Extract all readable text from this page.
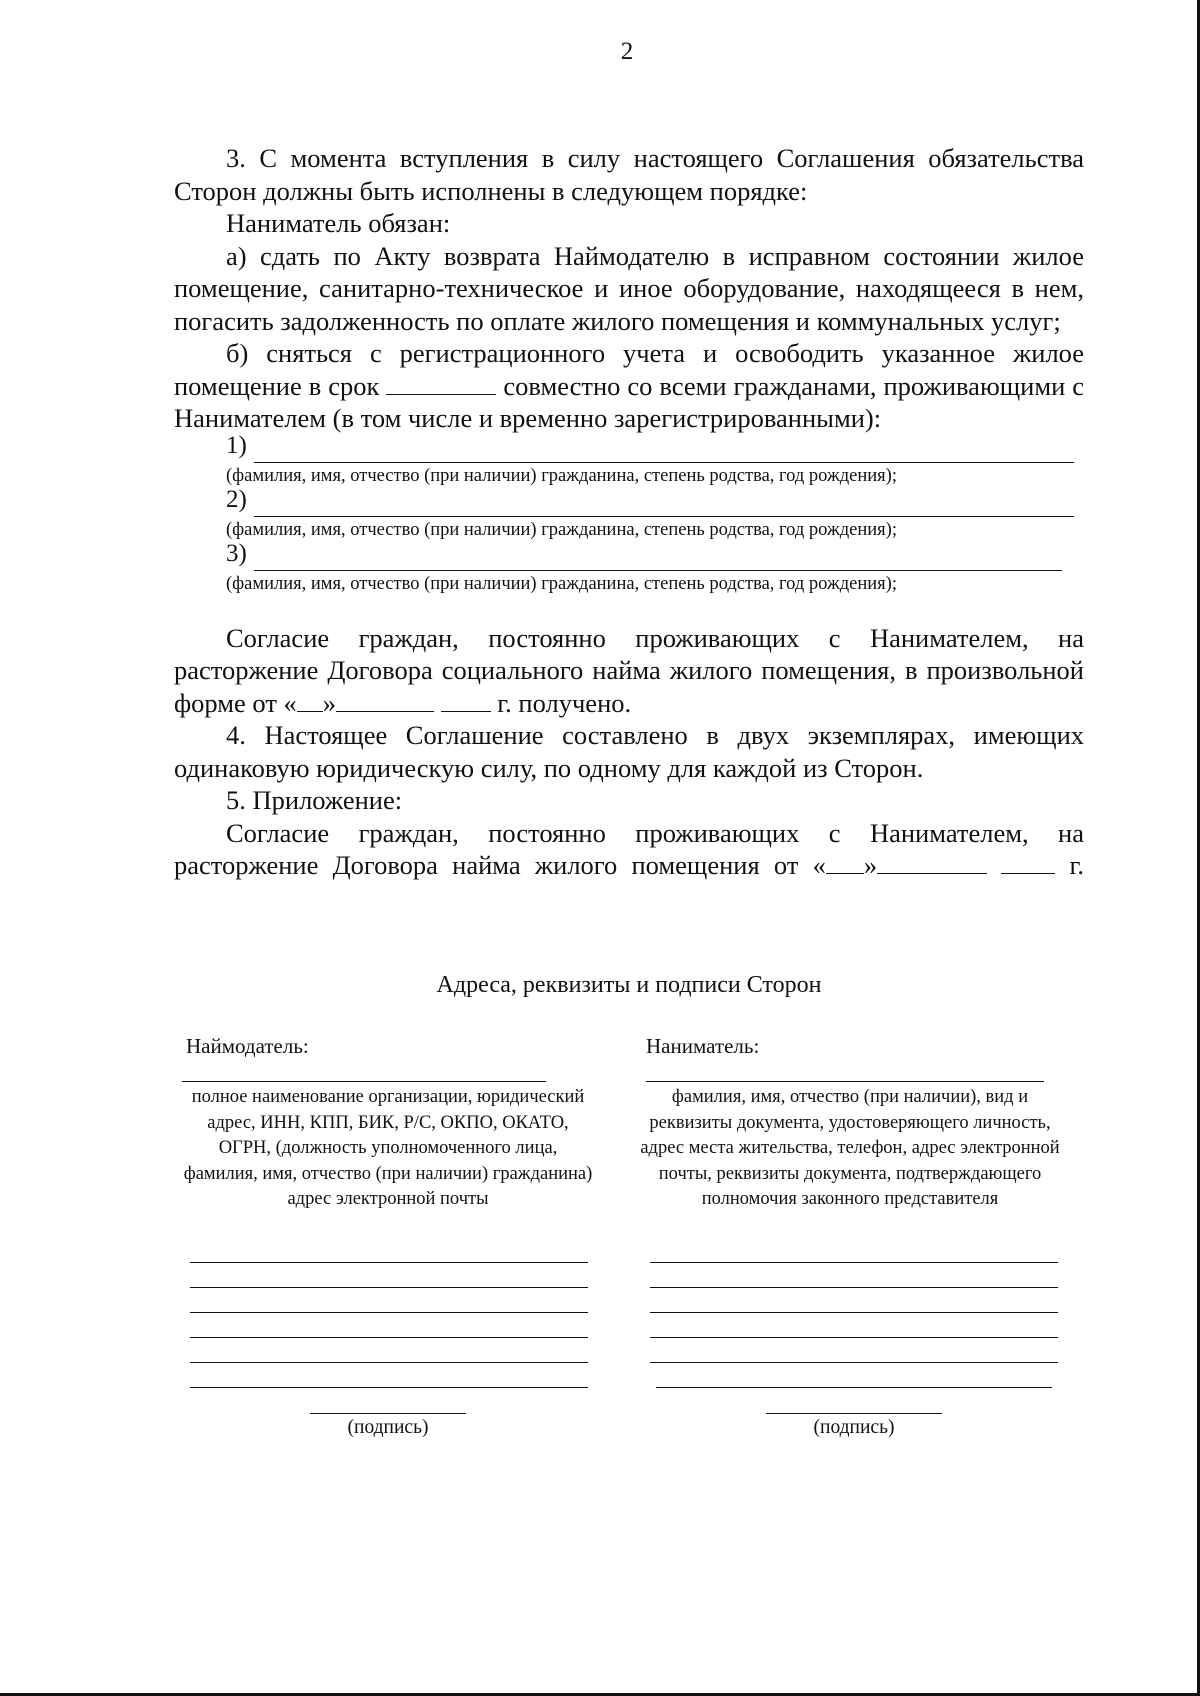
2

3. С момента вступления в силу настоящего Соглашения обязательства Сторон должны быть исполнены в следующем порядке:

Наниматель обязан:

а) сдать по Акту возврата Наймодателю в исправном состоянии жилое помещение, санитарно-техническое и иное оборудование, находящееся в нем, погасить задолженность по оплате жилого помещения и коммунальных услуг;

б) сняться с регистрационного учета и освободить указанное жилое помещение в срок	совместно со всеми гражданами, проживающими с Нанимателем (в том числе и временно зарегистрированными):

1)
(фамилия, имя, отчество (при наличии) гражданина, степень родства, год рождения);
2)
(фамилия, имя, отчество (при наличии) гражданина, степень родства, год рождения);
3)
(фамилия, имя, отчество (при наличии) гражданина, степень родства, год рождения);

Согласие граждан, постоянно проживающих с Нанимателем, на расторжение Договора социального найма жилого помещения, в произвольной форме от « »	г. получено.

4. Настоящее Соглашение составлено в двух экземплярах, имеющих одинаковую юридическую силу, по одному для каждой из Сторон.

5. Приложение:

Согласие граждан, постоянно проживающих с Нанимателем, на расторжение Договора найма жилого помещения от « »	г.

Адреса, реквизиты и подписи Сторон
Наймодатель:
полное наименование организации, юридический адрес, ИНН, КПП, БИК, Р/С, ОКПО, ОКАТО, ОГРН, (должность уполномоченного лица, фамилия, имя, отчество (при наличии) гражданина) адрес электронной почты
(подпись)
Наниматель:
фамилия, имя, отчество (при наличии), вид и реквизиты документа, удостоверяющего личность, адрес места жительства, телефон, адрес электронной почты, реквизиты документа, подтверждающего полномочия законного представителя
(подпись)
